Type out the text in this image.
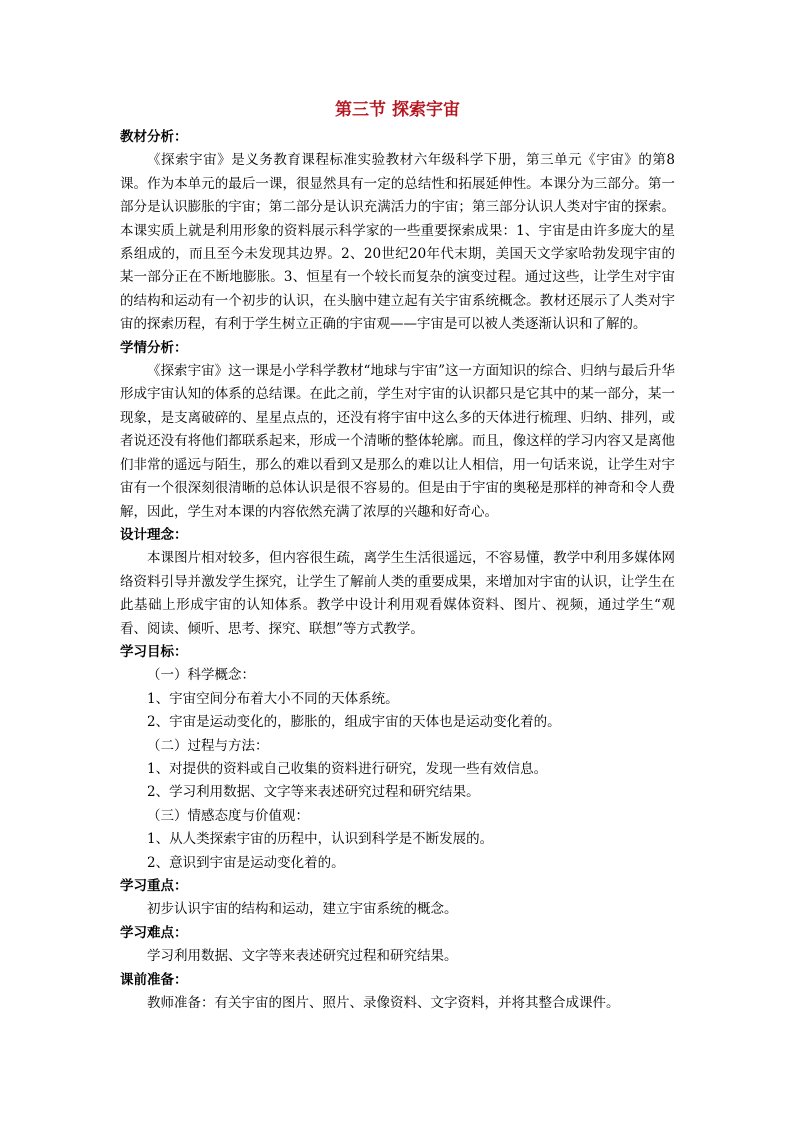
第三节 探索宇宙

教材分析：

《探索宇宙》是义务教育课程标准实验教材六年级科学下册，第三单元《宇宙》的第8课。作为本单元的最后一课，很显然具有一定的总结性和拓展延伸性。本课分为三部分。第一部分是认识膨胀的宇宙；第二部分是认识充满活力的宇宙；第三部分认识人类对宇宙的探索。本课实质上就是利用形象的资料展示科学家的一些重要探索成果：1、宇宙是由许多庞大的星系组成的，而且至今未发现其边界。2、20世纪20年代末期，美国天文学家哈勃发现宇宙的某一部分正在不断地膨胀。3、恒星有一个较长而复杂的演变过程。通过这些，让学生对宇宙的结构和运动有一个初步的认识，在头脑中建立起有关宇宙系统概念。教材还展示了人类对宇宙的探索历程，有利于学生树立正确的宇宙观——宇宙是可以被人类逐渐认识和了解的。

学情分析：

《探索宇宙》这一课是小学科学教材“地球与宇宙”这一方面知识的综合、归纳与最后升华形成宇宙认知的体系的总结课。在此之前，学生对宇宙的认识都只是它其中的某一部分，某一现象，是支离破碎的、星星点点的，还没有将宇宙中这么多的天体进行梳理、归纳、排列，或者说还没有将他们都联系起来，形成一个清晰的整体轮廓。而且，像这样的学习内容又是离他们非常的遥远与陌生，那么的难以看到又是那么的难以让人相信，用一句话来说，让学生对宇宙有一个很深刻很清晰的总体认识是很不容易的。但是由于宇宙的奥秘是那样的神奇和令人费解，因此，学生对本课的内容依然充满了浓厚的兴趣和好奇心。

设计理念：

本课图片相对较多，但内容很生疏，离学生生活很遥远，不容易懂，教学中利用多媒体网络资料引导并激发学生探究，让学生了解前人类的重要成果，来增加对宇宙的认识，让学生在此基础上形成宇宙的认知体系。教学中设计利用观看媒体资料、图片、视频，通过学生“观看、阅读、倾听、思考、探究、联想”等方式教学。

学习目标：

（一）科学概念：

1、宇宙空间分布着大小不同的天体系统。

2、宇宙是运动变化的，膨胀的，组成宇宙的天体也是运动变化着的。

（二）过程与方法：

1、对提供的资料或自己收集的资料进行研究，发现一些有效信息。

2、学习利用数据、文字等来表述研究过程和研究结果。

（三）情感态度与价值观：

1、从人类探索宇宙的历程中，认识到科学是不断发展的。

2、意识到宇宙是运动变化着的。

学习重点：

初步认识宇宙的结构和运动，建立宇宙系统的概念。

学习难点：

学习利用数据、文字等来表述研究过程和研究结果。

课前准备：

教师准备：有关宇宙的图片、照片、录像资料、文字资料，并将其整合成课件。
